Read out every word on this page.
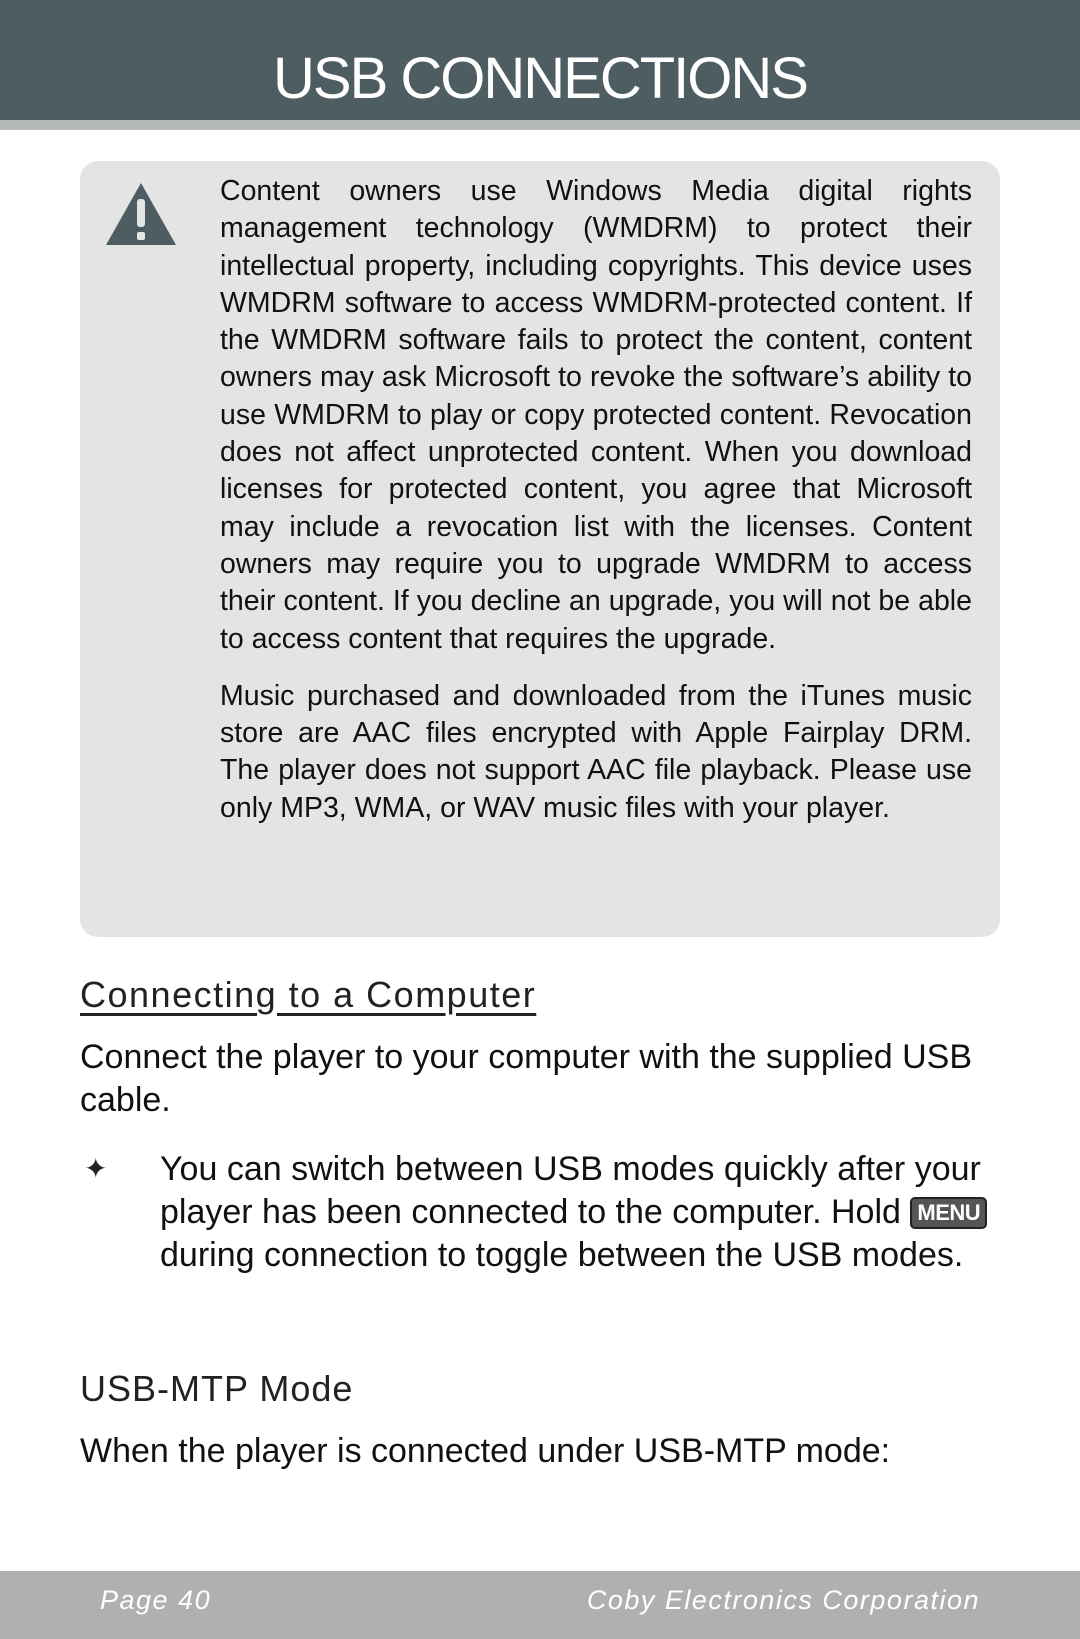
USB CONNECTIONS

Content owners use Windows Media digital rights management technology (WMDRM) to protect their intellectual property, including copyrights. This device uses WMDRM software to access WMDRM-protected content. If the WMDRM software fails to protect the content, content owners may ask Microsoft to revoke the software’s ability to use WMDRM to play or copy protected content. Revocation does not affect unprotected content. When you download licenses for protected content, you agree that Microsoft may include a revocation list with the licenses. Content owners may require you to upgrade WMDRM to access their content. If you decline an upgrade, you will not be able to access content that requires the upgrade.

Music purchased and downloaded from the iTunes music store are AAC files encrypted with Apple Fairplay DRM. The player does not support AAC file playback. Please use only MP3, WMA, or WAV music files with your player.

Connecting to a Computer
Connect the player to your computer with the supplied USB cable.
✦ You can switch between USB modes quickly after your player has been connected to the computer. Hold MENU during connection to toggle between the USB modes.
USB-MTP Mode
When the player is connected under USB-MTP mode:
Page 40	Coby Electronics Corporation
